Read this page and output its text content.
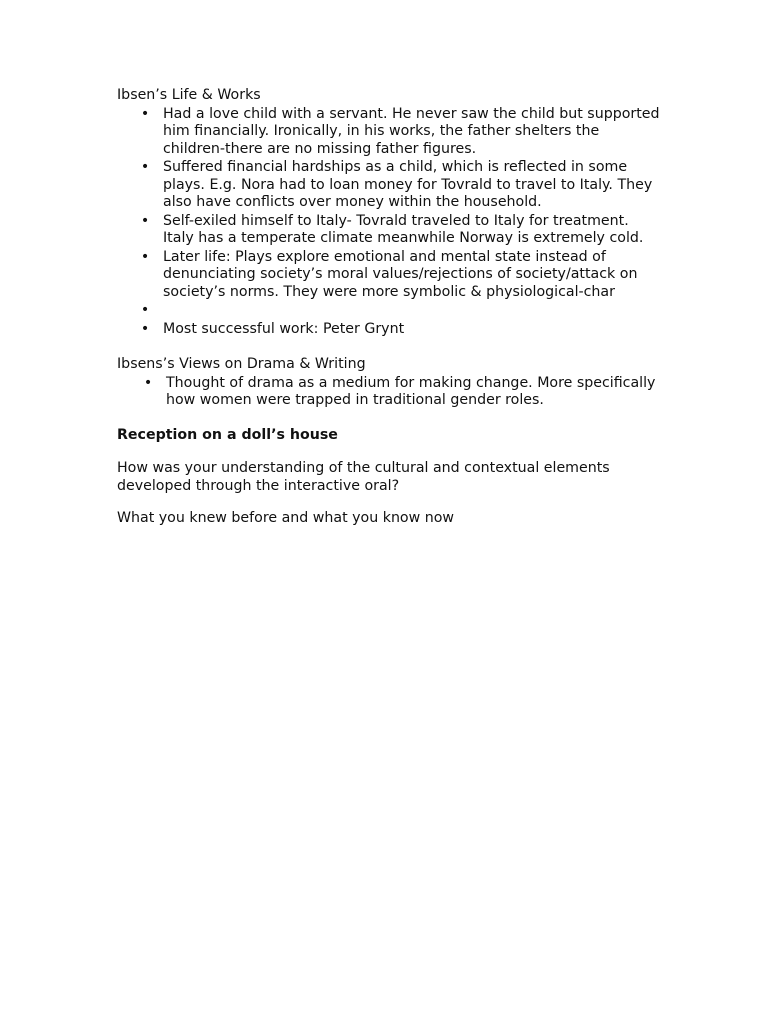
Ibsen’s Life & Works

• Had a love child with a servant. He never saw the child but supported him financially. Ironically, in his works, the father shelters the children-there are no missing father figures.
• Suffered financial hardships as a child, which is reflected in some plays. E.g. Nora had to loan money for Tovrald to travel to Italy. They also have conflicts over money within the household.
• Self-exiled himself to Italy- Tovrald traveled to Italy for treatment. Italy has a temperate climate meanwhile Norway is extremely cold.
• Later life: Plays explore emotional and mental state instead of denunciating society’s moral values/rejections of society/attack on society’s norms. They were more symbolic & physiological-char
•
• Most successful work: Peter Grynt

Ibsens’s Views on Drama & Writing

• Thought of drama as a medium for making change. More specifically how women were trapped in traditional gender roles.

Reception on a doll’s house

How was your understanding of the cultural and contextual elements developed through the interactive oral?

What you knew before and what you know now
